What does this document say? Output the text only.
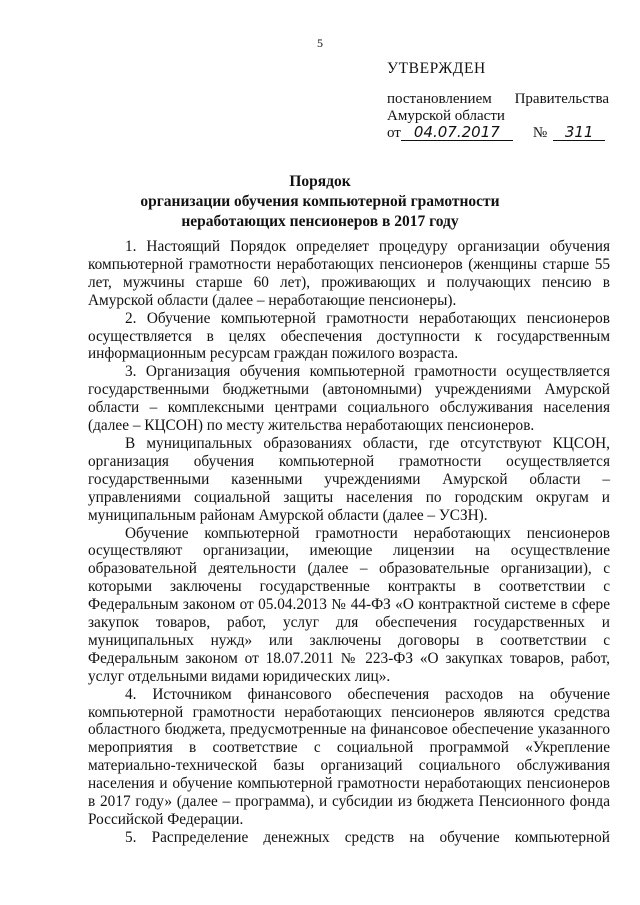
5
УТВЕРЖДЕН
постановлением Правительства
Амурской области
от 04.07.2017	№	311
Порядок
организации обучения компьютерной грамотности
неработающих пенсионеров в 2017 году

1. Настоящий Порядок определяет процедуру организации обучения компьютерной грамотности неработающих пенсионеров (женщины старше 55 лет, мужчины старше 60 лет), проживающих и получающих пенсию в Амурской области (далее – неработающие пенсионеры).

2. Обучение компьютерной грамотности неработающих пенсионеров осуществляется в целях обеспечения доступности к государственным информационным ресурсам граждан пожилого возраста.

3. Организация обучения компьютерной грамотности осуществляется государственными бюджетными (автономными) учреждениями Амурской области – комплексными центрами социального обслуживания населения (далее – КЦСОН) по месту жительства неработающих пенсионеров.

В муниципальных образованиях области, где отсутствуют КЦСОН, организация обучения компьютерной грамотности осуществляется государственными казенными учреждениями Амурской области – управлениями социальной защиты населения по городским округам и муниципальным районам Амурской области (далее – УСЗН).

Обучение компьютерной грамотности неработающих пенсионеров осуществляют организации, имеющие лицензии на осуществление образовательной деятельности (далее – образовательные организации), с которыми заключены государственные контракты в соответствии с Федеральным законом от 05.04.2013 № 44-ФЗ «О контрактной системе в сфере закупок товаров, работ, услуг для обеспечения государственных и муниципальных нужд» или заключены договоры в соответствии с Федеральным законом от 18.07.2011 № 223-ФЗ «О закупках товаров, работ, услуг отдельными видами юридических лиц».

4. Источником финансового обеспечения расходов на обучение компьютерной грамотности неработающих пенсионеров являются средства областного бюджета, предусмотренные на финансовое обеспечение указанного мероприятия в соответствие с социальной программой «Укрепление материально-технической базы организаций социального обслуживания населения и обучение компьютерной грамотности неработающих пенсионеров в 2017 году» (далее – программа), и субсидии из бюджета Пенсионного фонда Российской Федерации.

5. Распределение денежных средств на обучение компьютерной
